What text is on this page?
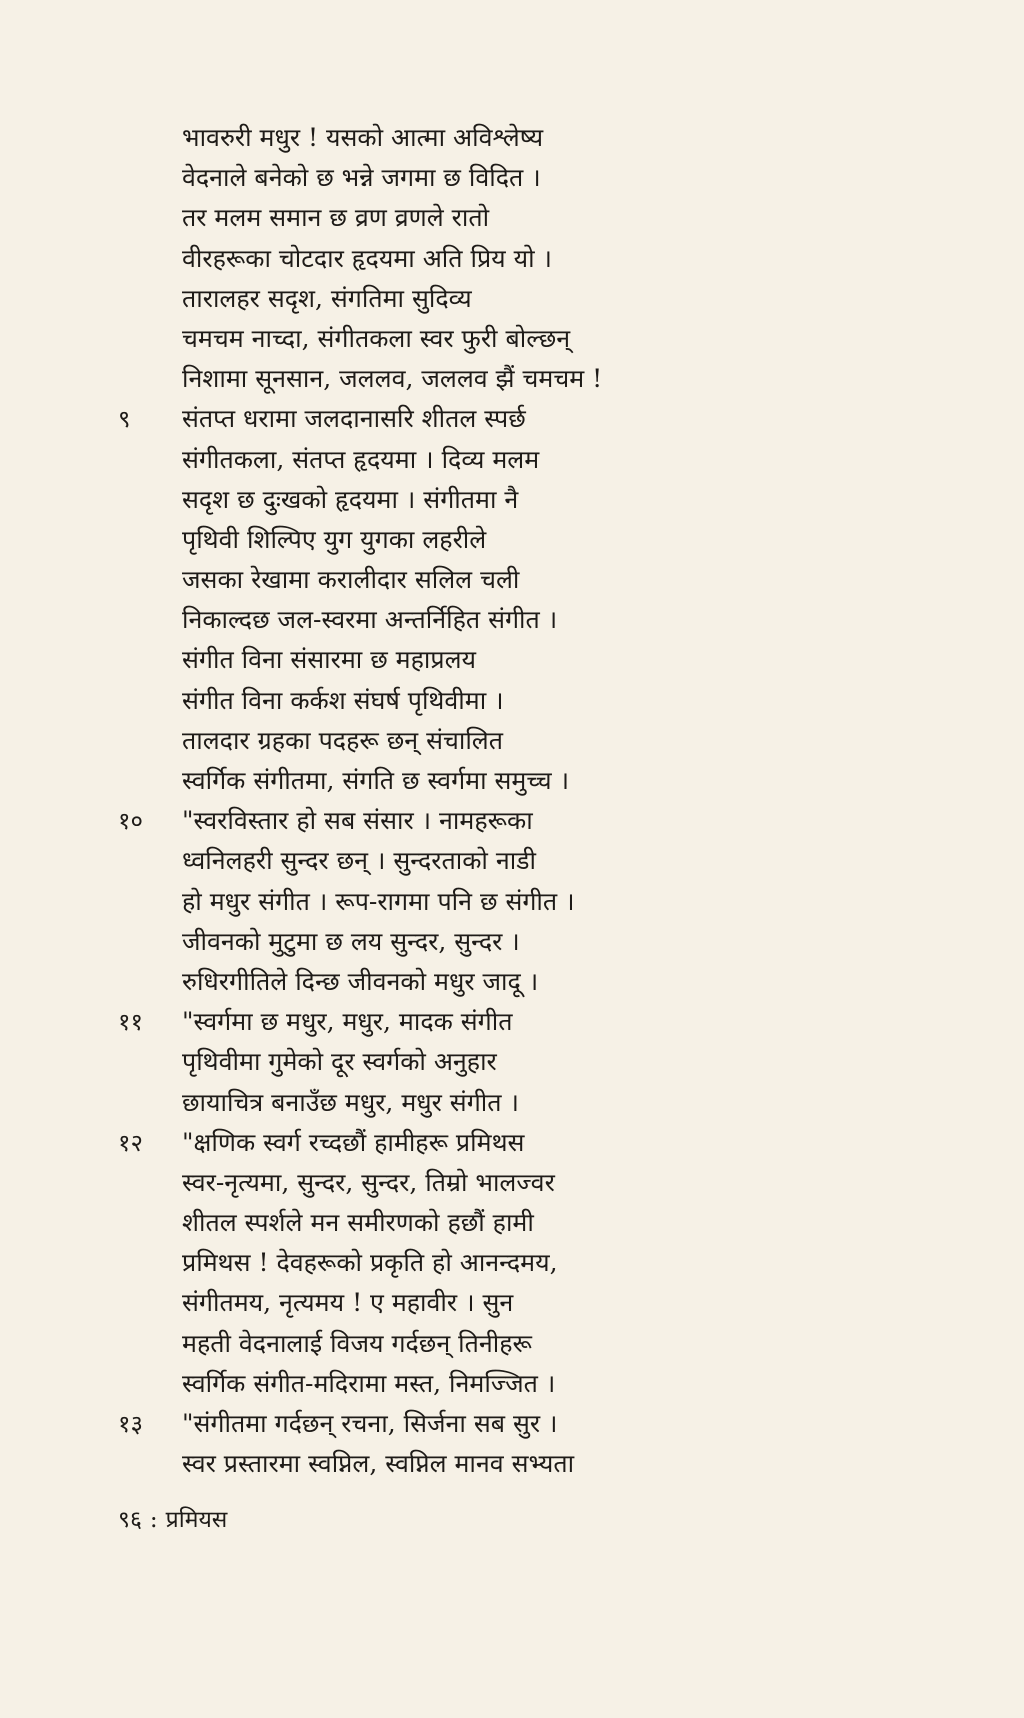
भावरुरी मधुर ! यसको आत्मा अविश्लेष्य
वेदनाले बनेको छ भन्ने जगमा छ विदित ।
तर मलम समान छ व्रण व्रणले रातो
वीरहरूका चोटदार हृदयमा अति प्रिय यो ।
तारालहर सदृश, संगतिमा सुदिव्य
चमचम नाच्दा, संगीतकला स्वर फुरी बोल्छन्
निशामा सूनसान, जललव, जललव झैं चमचम !
९ संतप्त धरामा जलदानासरि शीतल स्पर्छ
संगीतकला, संतप्त हृदयमा । दिव्य मलम
सदृश छ दुःखको हृदयमा । संगीतमा नै
पृथिवी शिल्पिए युग युगका लहरीले
जसका रेखामा करालीदार सलिल चली
निकाल्दछ जल-स्वरमा अन्तर्निहित संगीत ।
संगीत विना संसारमा छ महाप्रलय
संगीत विना कर्कश संघर्ष पृथिवीमा ।
तालदार ग्रहका पदहरू छन् संचालित
स्वर्गिक संगीतमा, संगति छ स्वर्गमा समुच्च ।
१० "स्वरविस्तार हो सब संसार । नामहरूका
ध्वनिलहरी सुन्दर छन् । सुन्दरताको नाडी
हो मधुर संगीत । रूप-रागमा पनि छ संगीत ।
जीवनको मुटुमा छ लय सुन्दर, सुन्दर ।
रुधिरगीतिले दिन्छ जीवनको मधुर जादू ।
११ "स्वर्गमा छ मधुर, मधुर, मादक संगीत
पृथिवीमा गुमेको दूर स्वर्गको अनुहार
छायाचित्र बनाउँछ मधुर, मधुर संगीत ।
१२ "क्षणिक स्वर्ग रच्दछौं हामीहरू प्रमिथस
स्वर-नृत्यमा, सुन्दर, सुन्दर, तिम्रो भालज्वर
शीतल स्पर्शले मन समीरणको हछौं हामी
प्रमिथस ! देवहरूको प्रकृति हो आनन्दमय,
संगीतमय, नृत्यमय ! ए महावीर । सुन
महती वेदनालाई विजय गर्दछन् तिनीहरू
स्वर्गिक संगीत-मदिरामा मस्त, निमज्जित ।
१३ "संगीतमा गर्दछन् रचना, सिर्जना सब सुर ।
स्वर प्रस्तारमा स्वप्निल, स्वप्निल मानव सभ्यता
९६ : प्रमियस
